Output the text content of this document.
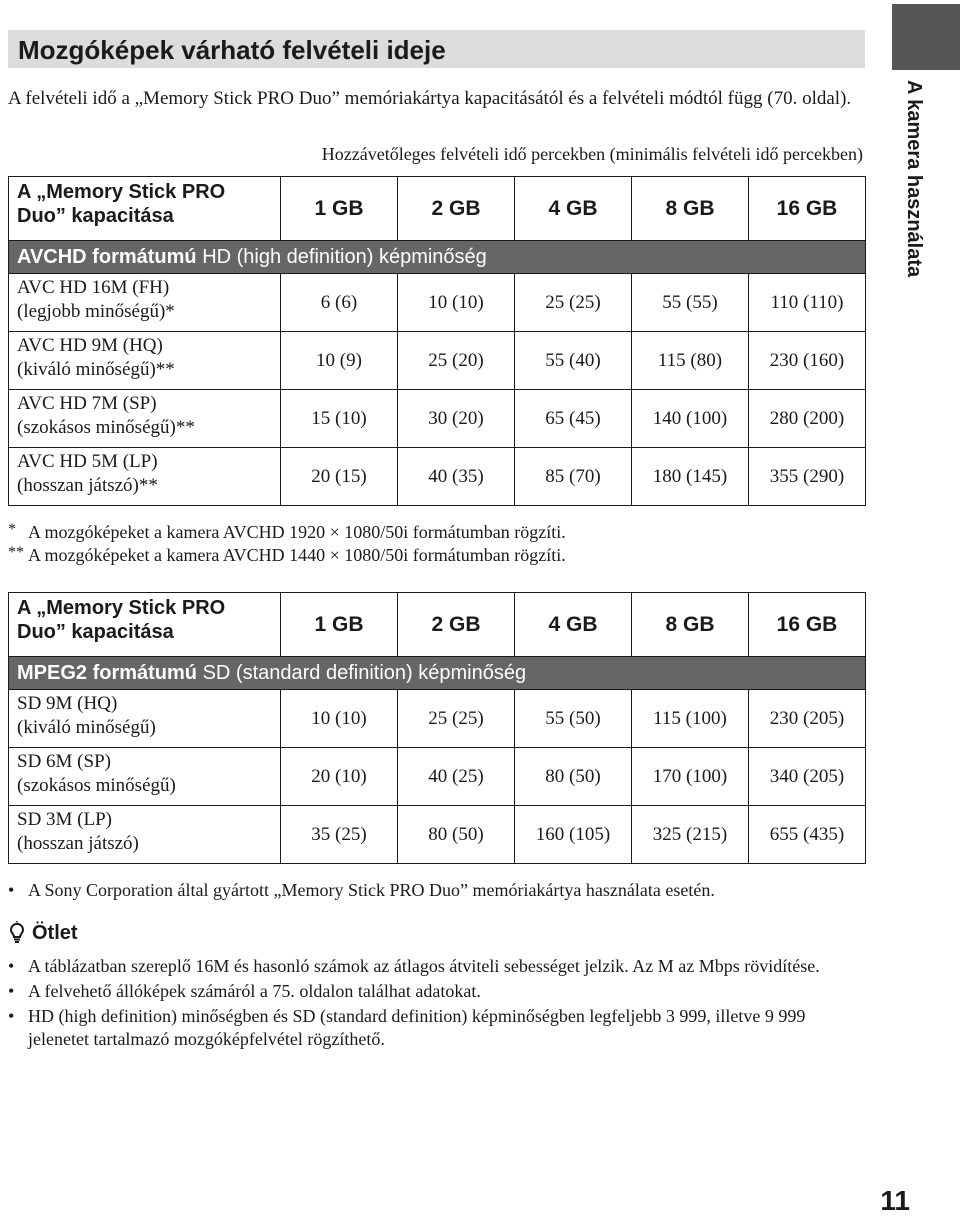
A kamera használata
Mozgóképek várható felvételi ideje
A felvételi idő a „Memory Stick PRO Duo” memóriakártya kapacitásától és a felvételi módtól függ (70. oldal).
Hozzávetőleges felvételi idő percekben (minimális felvételi idő percekben)
A „Memory Stick PRO
Duo” kapacitása	1 GB	2 GB	4 GB	8 GB	16 GB
AVCHD formátumú HD (high definition) képminőség					

AVC HD 16M (FH)
(legjobb minőségű)*	6 (6)	10 (10)	25 (25)	55 (55)	110 (110)

AVC HD 9M (HQ)
(kiváló minőségű)**	10 (9)	25 (20)	55 (40)	115 (80)	230 (160)

AVC HD 7M (SP)
(szokásos minőségű)**	15 (10)	30 (20)	65 (45)	140 (100)	280 (200)

AVC HD 5M (LP)
(hosszan játszó)**	20 (15)	40 (35)	85 (70)	180 (145)	355 (290)
* A mozgóképeket a kamera AVCHD 1920 × 1080/50i formátumban rögzíti.
** A mozgóképeket a kamera AVCHD 1440 × 1080/50i formátumban rögzíti.
A „Memory Stick PRO
Duo” kapacitása	1 GB	2 GB	4 GB	8 GB	16 GB
MPEG2 formátumú SD (standard definition) képminőség					

SD 9M (HQ)
(kiváló minőségű)	10 (10)	25 (25)	55 (50)	115 (100)	230 (205)

SD 6M (SP)
(szokásos minőségű)	20 (10)	40 (25)	80 (50)	170 (100)	340 (205)

SD 3M (LP)
(hosszan játszó)	35 (25)	80 (50)	160 (105)	325 (215)	655 (435)
• A Sony Corporation által gyártott „Memory Stick PRO Duo” memóriakártya használata esetén.
Ötlet
• A táblázatban szereplő 16M és hasonló számok az átlagos átviteli sebességet jelzik. Az M az Mbps rövidítése.
• A felvehető állóképek számáról a 75. oldalon találhat adatokat.
• HD (high definition) minőségben és SD (standard definition) képminőségben legfeljebb 3 999, illetve 9 999 jelenetet tartalmazó mozgóképfelvétel rögzíthető.
11
